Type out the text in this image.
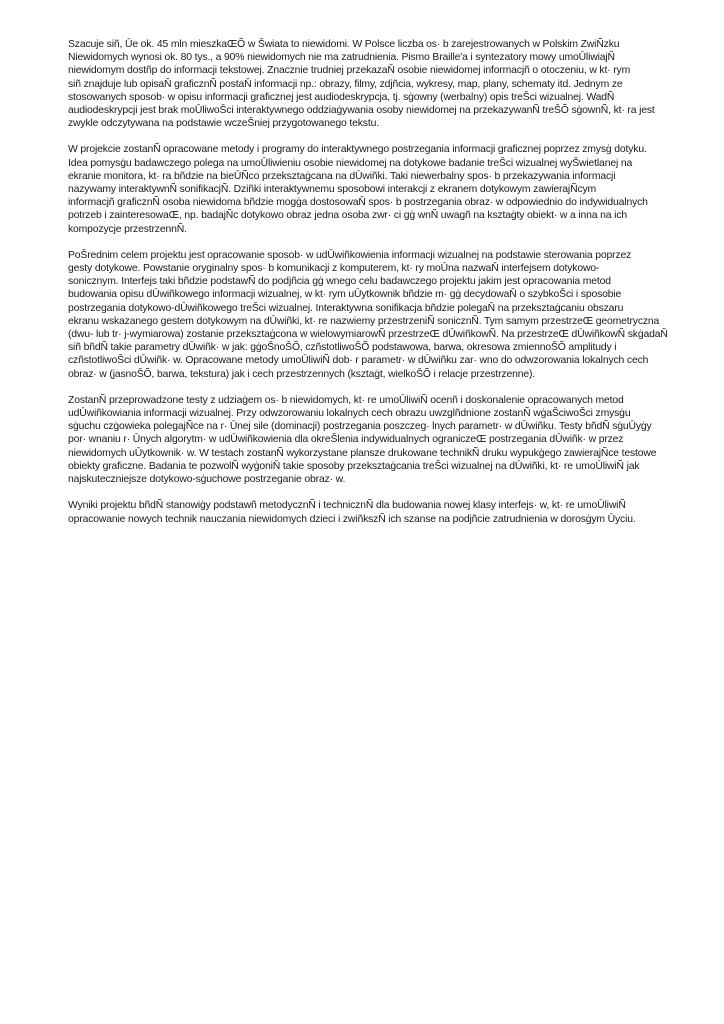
Szacuje siñ, Ūe ok. 45 mln mieszkaŒÕ w Šwiata to niewidomi. W Polsce liczba os· b zarejestrowanych w Polskim ZwiÑzku
Niewidomych wynosi ok. 80 tys., a 90% niewidomych nie ma zatrudnienia. Pismo Braille'a i syntezatory mowy umoŪliwiajÑ
niewidomym dostñp do informacji tekstowej. Znacznie trudniej przekazaŇ osobie niewidomej informacjñ o otoczeniu, w kt· rym
siñ znajduje lub opisaŇ graficznÑ postaŇ informacji np.: obrazy, filmy, zdjñcia, wykresy, map, plany, schematy itd. Jednym ze
stosowanych sposob· w opisu informacji graficznej jest audiodeskrypcja, tj. sġowny (werbalny) opis treŠci wizualnej. WadÑ
audiodeskrypcji jest brak moŪliwoŠci interaktywnego oddziaġywania osoby niewidomej na przekazywanÑ treŠÕ sġownÑ, kt· ra jest
zwykle odczytywana na podstawie wczeŠniej przygotowanego tekstu.

W projekcie zostanÑ opracowane metody i programy do interaktywnego postrzegania informacji graficznej poprzez zmysġ dotyku.
Idea pomysġu badawczego polega na umoŪliwieniu osobie niewidomej na dotykowe badanie treŠci wizualnej wyŠwietlanej na
ekranie monitora, kt· ra bñdzie na bieŪÑco przeksztaġcana na dŪwiñki. Taki niewerbalny spos· b przekazywania informacji
nazywamy interaktywnÑ sonifikacjÑ. Dziñki interaktywnemu sposobowi interakcji z ekranem dotykowym zawierajÑcym
informacjñ graficznÑ osoba niewidoma bñdzie mogġa dostosowaŇ spos· b postrzegania obraz· w odpowiednio do indywidualnych
potrzeb i zainteresowaŒ, np. badajÑc dotykowo obraz jedna osoba zwr· ci gġ wnÑ uwagñ na ksztaġty obiekt· w a inna na ich
kompozycje przestrzennÑ.

PoŠrednim celem projektu jest opracowanie sposob· w udŪwiñkowienia informacji wizualnej na podstawie sterowania poprzez
gesty dotykowe. Powstanie oryginalny spos· b komunikacji z komputerem, kt· ry moŪna nazwaŇ interfejsem dotykowo-
sonicznym. Interfejs taki bñdzie podstawÑ do podjñcia gġ wnego celu badawczego projektu jakim jest opracowania metod
budowania opisu dŪwiñkowego informacji wizualnej, w kt· rym uŪytkownik bñdzie m· gġ decydowaŇ o szybkoŠci i sposobie
postrzegania dotykowo-dŪwiñkowego treŠci wizualnej. Interaktywna sonifikacja bñdzie polegaŇ na przeksztaġcaniu obszaru
ekranu wskazanego gestem dotykowym na dŪwiñki, kt· re nazwiemy przestrzeniÑ sonicznÑ. Tym samym przestrzeŒ geometryczna
(dwu- lub tr· j-wymiarowa) zostanie przeksztaġcona w wielowymiarowÑ przestrzeŒ dŪwiñkowÑ. Na przestrzeŒ dŪwiñkowÑ skġadaŇ
siñ bñdÑ takie parametry dŪwiñk· w jak: gġoŠnoŠÕ, czñstotliwoŠÕ podstawowa, barwa, okresowa zmiennoŠÕ amplitudy i
czñstotliwoŠci dŪwiñk· w. Opracowane metody umoŪliwiÑ dob· r parametr· w dŪwiñku zar· wno do odwzorowania lokalnych cech
obraz· w (jasnoŠÕ, barwa, tekstura) jak i cech przestrzennych (ksztaġt, wielkoŠÕ i relacje przestrzenne).

ZostanÑ przeprowadzone testy z udziaġem os· b niewidomych, kt· re umoŪliwiÑ ocenñ i doskonalenie opracowanych metod
udŪwiñkowiania informacji wizualnej. Przy odwzorowaniu lokalnych cech obrazu uwzglñdnione zostanÑ wġaŠciwoŠci zmysġu
sġuchu czġowieka polegajÑce na r· Ūnej sile (dominacji) postrzegania poszczeg· lnych parametr· w dŪwiñku. Testy bñdÑ sġuŪyġy
por· wnaniu r· Ūnych algorytm· w udŪwiñkowienia dla okreŠlenia indywidualnych ograniczeŒ postrzegania dŪwiñk· w przez
niewidomych uŪytkownik· w. W testach zostanÑ wykorzystane plansze drukowane technikÑ druku wypukġego zawierajÑce testowe
obiekty graficzne. Badania te pozwolÑ wyġoniŇ takie sposoby przeksztaġcania treŠci wizualnej na dŪwiñki, kt· re umoŪliwiÑ jak
najskuteczniejsze dotykowo-sġuchowe postrzeganie obraz· w.

Wyniki projektu bñdÑ stanowiġy podstawñ metodycznÑ i technicznÑ dla budowania nowej klasy interfejs· w, kt· re umoŪliwiÑ
opracowanie nowych technik nauczania niewidomych dzieci i zwiñkszÑ ich szanse na podjñcie zatrudnienia w dorosġym Ūyciu.
